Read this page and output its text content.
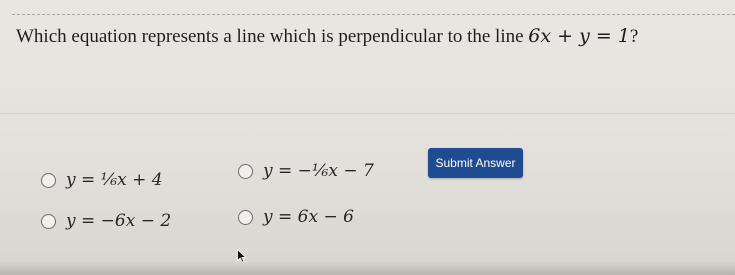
Which equation represents a line which is perpendicular to the line 6x + y = 1?
y = ¹⁄₆x + 4	y = −¹⁄₆x − 7
y = −6x − 2	y = 6x − 6
Submit Answer
